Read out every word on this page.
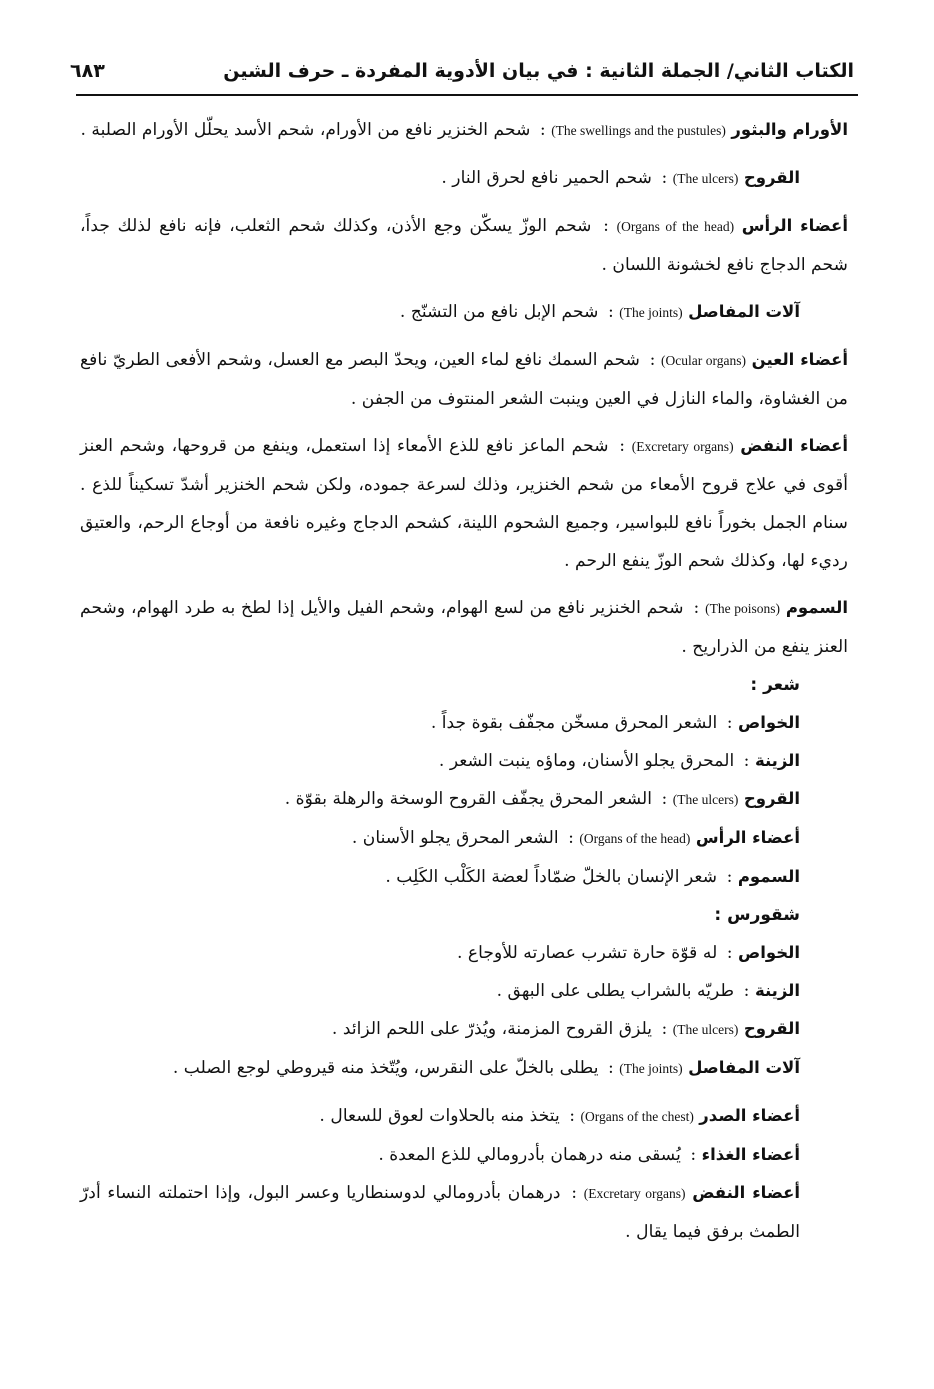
٦٨٣	الكتاب الثاني/ الجملة الثانية : في بيان الأدوية المفردة ـ حرف الشين
الأورام والبثور (The swellings and the pustules) : شحم الخنزير نافع من الأورام، شحم الأسد يحلّل الأورام الصلبة .
القروح (The ulcers) : شحم الحمير نافع لحرق النار .
أعضاء الرأس (Organs of the head) : شحم الوزّ يسكّن وجع الأذن، وكذلك شحم الثعلب، فإنه نافع لذلك جداً، شحم الدجاج نافع لخشونة اللسان .
آلات المفاصل (The joints) : شحم الإبل نافع من التشنّج .
أعضاء العين (Ocular organs) : شحم السمك نافع لماء العين، ويحدّ البصر مع العسل، وشحم الأفعى الطريّ نافع من الغشاوة، والماء النازل في العين وينبت الشعر المنتوف من الجفن .
أعضاء النفض (Excretary organs) : شحم الماعز نافع للذع الأمعاء إذا استعمل، وينفع من قروحها، وشحم العنز أقوى في علاج قروح الأمعاء من شحم الخنزير، وذلك لسرعة جموده، ولكن شحم الخنزير أشدّ تسكيناً للذع . سنام الجمل بخوراً نافع للبواسير، وجميع الشحوم اللينة، كشحم الدجاج وغيره نافعة من أوجاع الرحم، والعتيق رديء لها، وكذلك شحم الوزّ ينفع الرحم .
السموم (The poisons) : شحم الخنزير نافع من لسع الهوام، وشحم الفيل والأيل إذا لطخ به طرد الهوام، وشحم العنز ينفع من الذراريح .
شعر :
الخواص : الشعر المحرق مسخّن مجفّف بقوة جداً .
الزينة : المحرق يجلو الأسنان، وماؤه ينبت الشعر .
القروح (The ulcers) : الشعر المحرق يجفّف القروح الوسخة والرهلة بقوّة .
أعضاء الرأس (Organs of the head) : الشعر المحرق يجلو الأسنان .
السموم : شعر الإنسان بالخلّ ضمّاداً لعضة الكَلْب الكَلِب .
شقورس :
الخواص : له قوّة حارة تشرب عصارته للأوجاع .
الزينة : طريّه بالشراب يطلى على البهق .
القروح (The ulcers) : يلزق القروح المزمنة، ويُذرّ على اللحم الزائد .
آلات المفاصل (The joints) : يطلى بالخلّ على النقرس، ويُتّخذ منه قيروطي لوجع الصلب .
أعضاء الصدر (Organs of the chest) : يتخذ منه بالحلاوات لعوق للسعال .
أعضاء الغذاء : يُسقى منه درهمان بأدرومالي للذع المعدة .
أعضاء النفض (Excretary organs) : درهمان بأدرومالي لدوسنطاريا وعسر البول، وإذا احتملته النساء أدرّ الطمث برفق فيما يقال .
